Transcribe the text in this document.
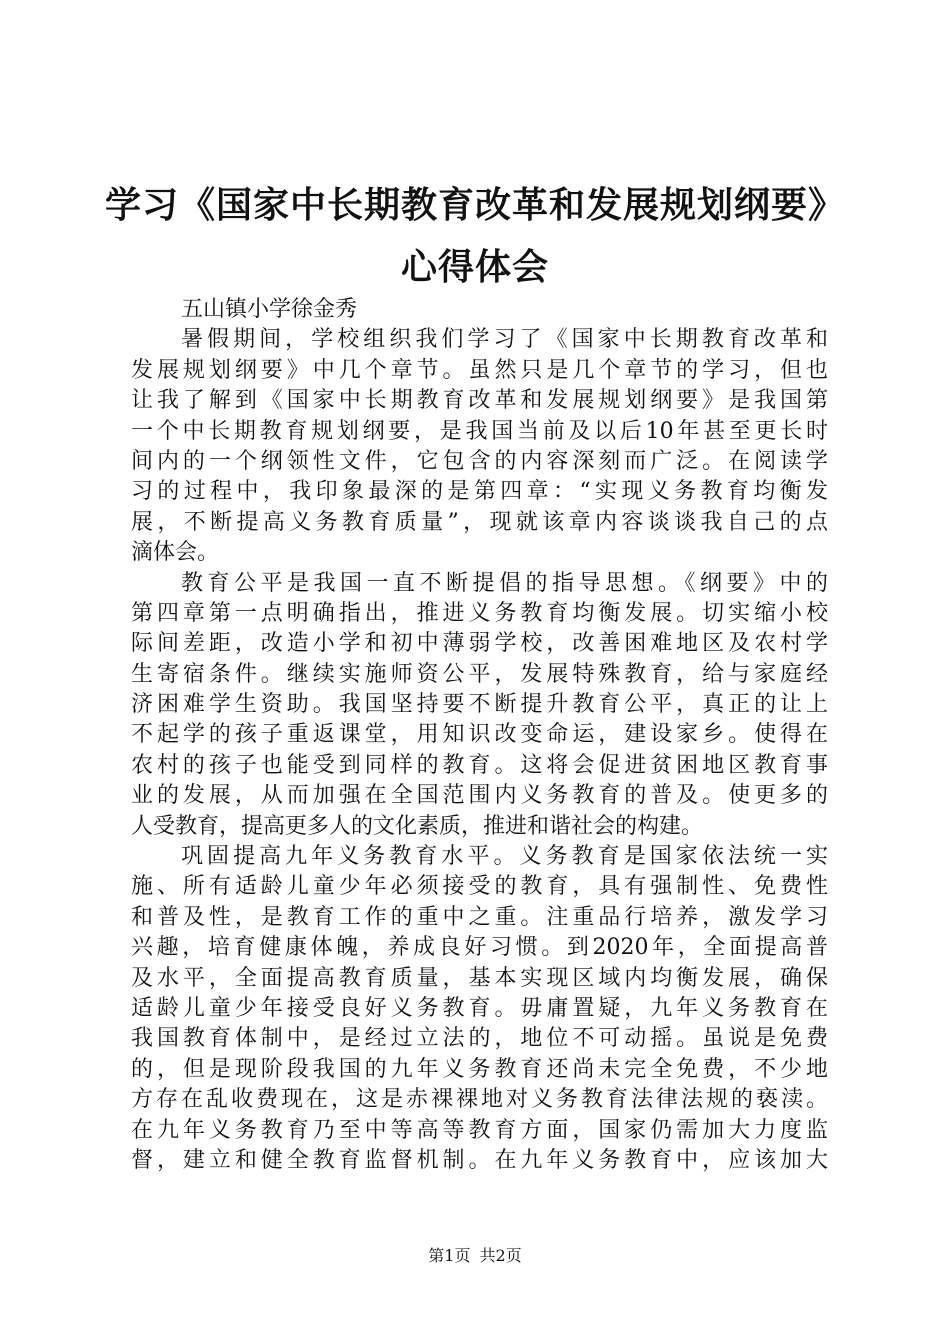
学习《国家中长期教育改革和发展规划纲要》
心得体会
五山镇小学徐金秀
暑假期间，学校组织我们学习了《国家中长期教育改革和
发展规划纲要》中几个章节。虽然只是几个章节的学习，但也
让我了解到《国家中长期教育改革和发展规划纲要》是我国第
一个中长期教育规划纲要，是我国当前及以后10年甚至更长时
间内的一个纲领性文件，它包含的内容深刻而广泛。在阅读学
习的过程中，我印象最深的是第四章：“实现义务教育均衡发
展，不断提高义务教育质量”，现就该章内容谈谈我自己的点
滴体会。
教育公平是我国一直不断提倡的指导思想。《纲要》中的
第四章第一点明确指出，推进义务教育均衡发展。切实缩小校
际间差距，改造小学和初中薄弱学校，改善困难地区及农村学
生寄宿条件。继续实施师资公平，发展特殊教育，给与家庭经
济困难学生资助。我国坚持要不断提升教育公平，真正的让上
不起学的孩子重返课堂，用知识改变命运，建设家乡。使得在
农村的孩子也能受到同样的教育。这将会促进贫困地区教育事
业的发展，从而加强在全国范围内义务教育的普及。使更多的
人受教育，提高更多人的文化素质，推进和谐社会的构建。
巩固提高九年义务教育水平。义务教育是国家依法统一实
施、所有适龄儿童少年必须接受的教育，具有强制性、免费性
和普及性，是教育工作的重中之重。注重品行培养，激发学习
兴趣，培育健康体魄，养成良好习惯。到2020年，全面提高普
及水平，全面提高教育质量，基本实现区域内均衡发展，确保
适龄儿童少年接受良好义务教育。毋庸置疑，九年义务教育在
我国教育体制中，是经过立法的，地位不可动摇。虽说是免费
的，但是现阶段我国的九年义务教育还尚未完全免费，不少地
方存在乱收费现在，这是赤裸裸地对义务教育法律法规的亵渎。
在九年义务教育乃至中等高等教育方面，国家仍需加大力度监
督，建立和健全教育监督机制。在九年义务教育中，应该加大
第1页 共2页
